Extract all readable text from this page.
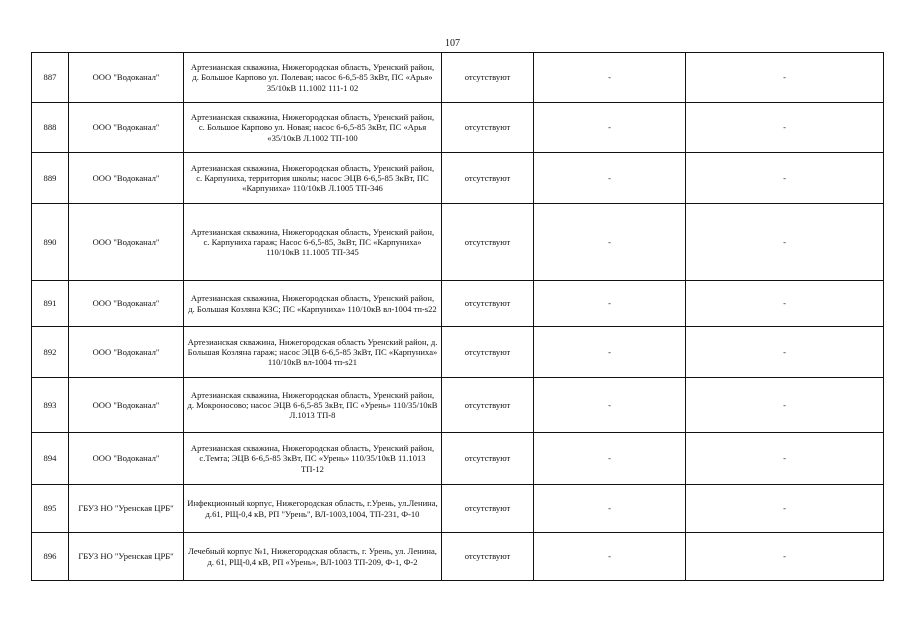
107
887	ООО "Водоканал"	Артезианская скважина, Нижегородская область, Уренский район, д. Большое Карпово ул. Полевая; насос 6-6,5-85 3кВт, ПС «Арья» 35/10кВ 11.1002 111-1 02	отсутствуют	-	-
888	ООО "Водоканал"	Артезианская скважина, Нижегородская область, Уренский район, с. Большое Карпово ул. Новая; насос 6-6,5-85 3кВт, ПС «Арья «35/10кВ Л.1002 ТП-100	отсутствуют	-	-
889	ООО "Водоканал"	Артезианская скважина, Нижегородская область, Уренский район, с. Карпуниха, территория школы; насос ЭЦВ 6-6,5-85 3кВт, ПС «Карпуниха» 110/10кВ Л.1005 ТП-346	отсутствуют	-	-
890	ООО "Водоканал"	Артезианская скважина, Нижегородская область, Уренский район, с. Карпуниха гараж; Насос 6-6,5-85, 3кВт, ПС «Карпуниха» 110/10кВ 11.1005 ТП-345	отсутствуют	-	-
891	ООО "Водоканал"	Артезианская скважина, Нижегородская область, Уренский район, д. Большая Козляна КЗС; ПС «Карпуниха» 110/10кВ вл-1004 тп-s22	отсутствуют	-	-
892	ООО "Водоканал"	Артезианская скважина, Нижегородская область Уренский район, д. Большая Козляна гараж; насос ЭЦВ 6-6,5-85 3кВт, ПС «Карпуниха» 110/10кВ вл-1004 тп-s21	отсутствуют	-	-
893	ООО "Водоканал"	Артезианская скважина, Нижегородская область, Уренский район, д. Мокроносово; насос ЭЦВ 6-6,5-85 3кВт, ПС «Урень» 110/35/10кВ Л.1013 ТП-8	отсутствуют	-	-
894	ООО "Водоканал"	Артезианская скважина, Нижегородская область, Уренский район, с.Темта; ЭЦВ 6-6,5-85 3кВт, ПС «Урень» 110/35/10кВ 11.1013 ТП-12	отсутствуют	-	-
895	ГБУЗ НО "Уренская ЦРБ"	Инфекционный корпус, Нижегородская область, г.Урень, ул.Ленина, д.61, РЩ-0,4 кВ, РП "Урень", ВЛ-1003,1004, ТП-231, Ф-10	отсутствуют	-	-
896	ГБУЗ НО "Уренская ЦРБ"	Лечебный корпус №1, Нижегородская область, г. Урень, ул. Ленина, д. 61, РЩ-0,4 кВ, РП «Урень», ВЛ-1003 ТП-209, Ф-1, Ф-2	отсутствуют	-	-
